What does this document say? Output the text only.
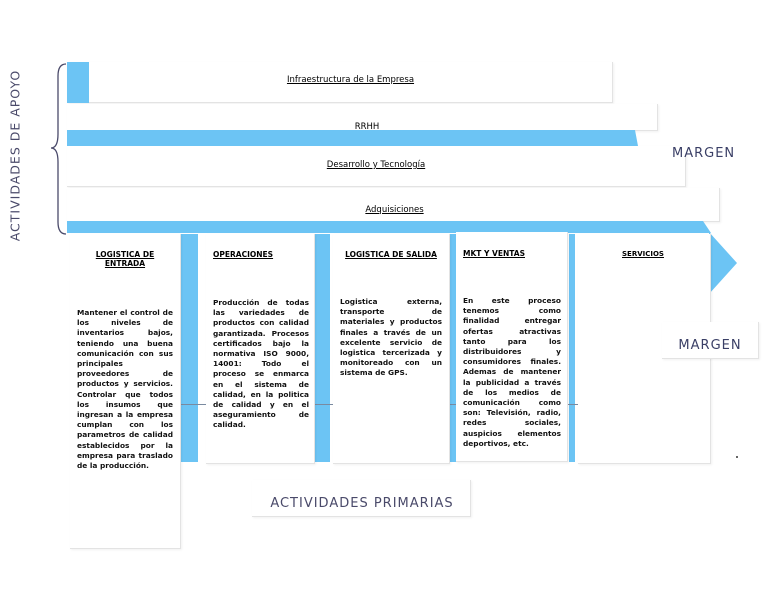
ACTIVIDADES DE APOYO	Infraestructura de la Empresa
RRHH
Desarrollo y Tecnología
Adquisiciones
MARGEN
LOGISTICA DE ENTRADA
Mantener el control de los niveles de inventarios bajos, teniendo una buena comunicación con sus principales proveedores de productos y servicios. Controlar que todos los insumos que ingresan a la empresa cumplan con los parametros de calidad establecidos por la empresa para traslado de la producción.
OPERACIONES
Producción de todas las variedades de productos con calidad garantizada. Procesos certificados bajo la normativa ISO 9000, 14001: Todo el proceso se enmarca en el sistema de calidad, en la politica de calidad y en el aseguramiento de calidad.
LOGISTICA DE SALIDA
Logistica externa, transporte de materiales y productos finales a través de un excelente servicio de logistica tercerizada y monitoreado con un sistema de GPS.
MKT Y VENTAS
En este proceso tenemos como finalidad entregar ofertas atractivas tanto para los distribuidores y consumidores finales. Ademas de mantener la publicidad a través de los medios de comunicación como son: Televisión, radio, redes sociales, auspicios elementos deportivos, etc.
SERVICIOS
MARGEN
ACTIVIDADES PRIMARIAS
